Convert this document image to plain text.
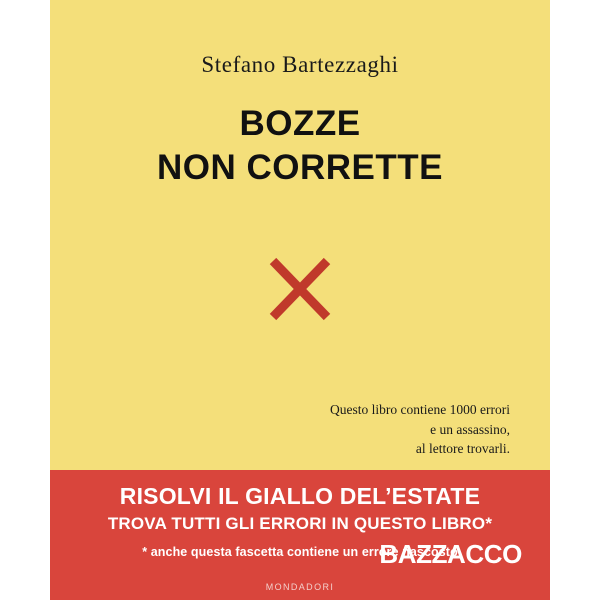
Stefano Bartezzaghi
BOZZE
NON CORRETTE
Questo libro contiene 1000 errori
e un assassino,
al lettore trovarli.
RISOLVI IL GIALLO DEL’ESTATE
TROVA TUTTI GLI ERRORI IN QUESTO LIBRO*
* anche questa fascetta contiene un errore nascosto
BAZZACCO
MONDADORI
